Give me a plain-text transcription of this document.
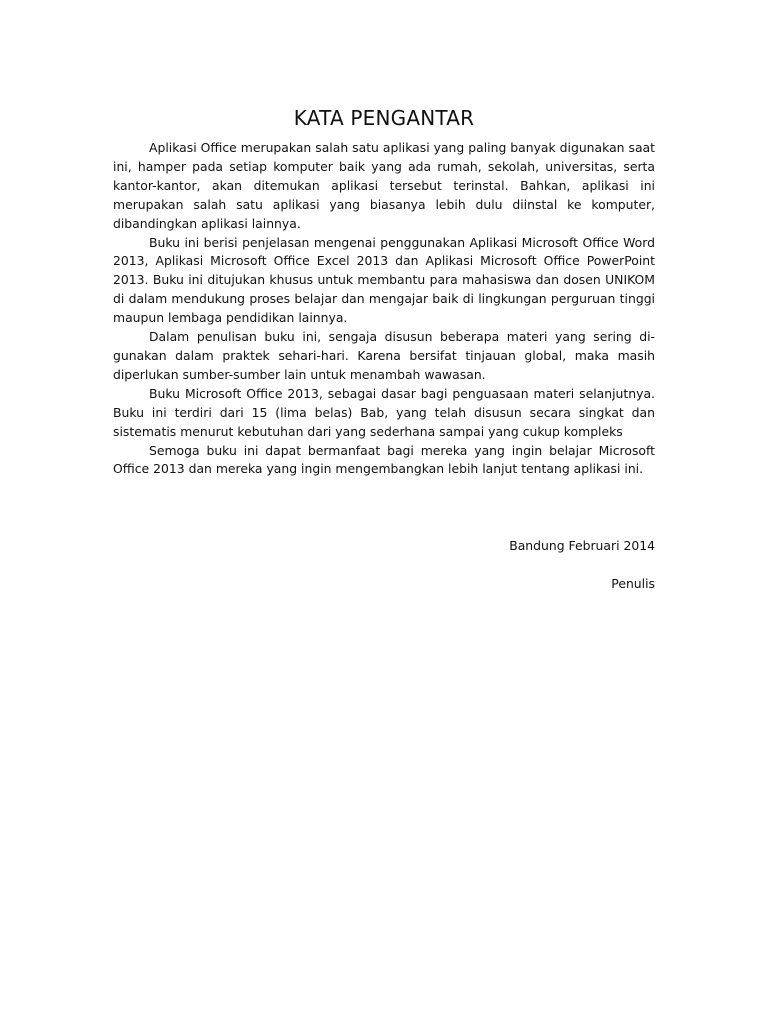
KATA PENGANTAR

Aplikasi Office merupakan salah satu aplikasi yang paling banyak digunakan saat ini, hamper pada setiap komputer baik yang ada rumah, sekolah, universitas, serta kantor-kantor, akan ditemukan aplikasi tersebut terinstal. Bahkan, aplikasi ini merupakan salah satu aplikasi yang biasanya lebih dulu diinstal ke komputer, dibandingkan aplikasi lainnya.

Buku ini berisi penjelasan mengenai penggunakan Aplikasi Microsoft Office Word 2013, Aplikasi Microsoft Office Excel 2013 dan Aplikasi Microsoft Office PowerPoint 2013. Buku ini ditujukan khusus untuk membantu para mahasiswa dan dosen UNIKOM di dalam mendukung proses belajar dan mengajar baik di lingkungan perguruan tinggi maupun lembaga pendidikan lainnya.

Dalam penulisan buku ini, sengaja disusun beberapa materi yang sering di-gunakan dalam praktek sehari-hari. Karena bersifat tinjauan global, maka masih diperlukan sumber-sumber lain untuk menambah wawasan.

Buku Microsoft Office 2013, sebagai dasar bagi penguasaan materi selanjutnya. Buku ini terdiri dari 15 (lima belas) Bab, yang telah disusun secara singkat dan sistematis menurut kebutuhan dari yang sederhana sampai yang cukup kompleks

Semoga buku ini dapat bermanfaat bagi mereka yang ingin belajar Microsoft Office 2013 dan mereka yang ingin mengembangkan lebih lanjut tentang aplikasi ini.

Bandung Februari 2014

Penulis
